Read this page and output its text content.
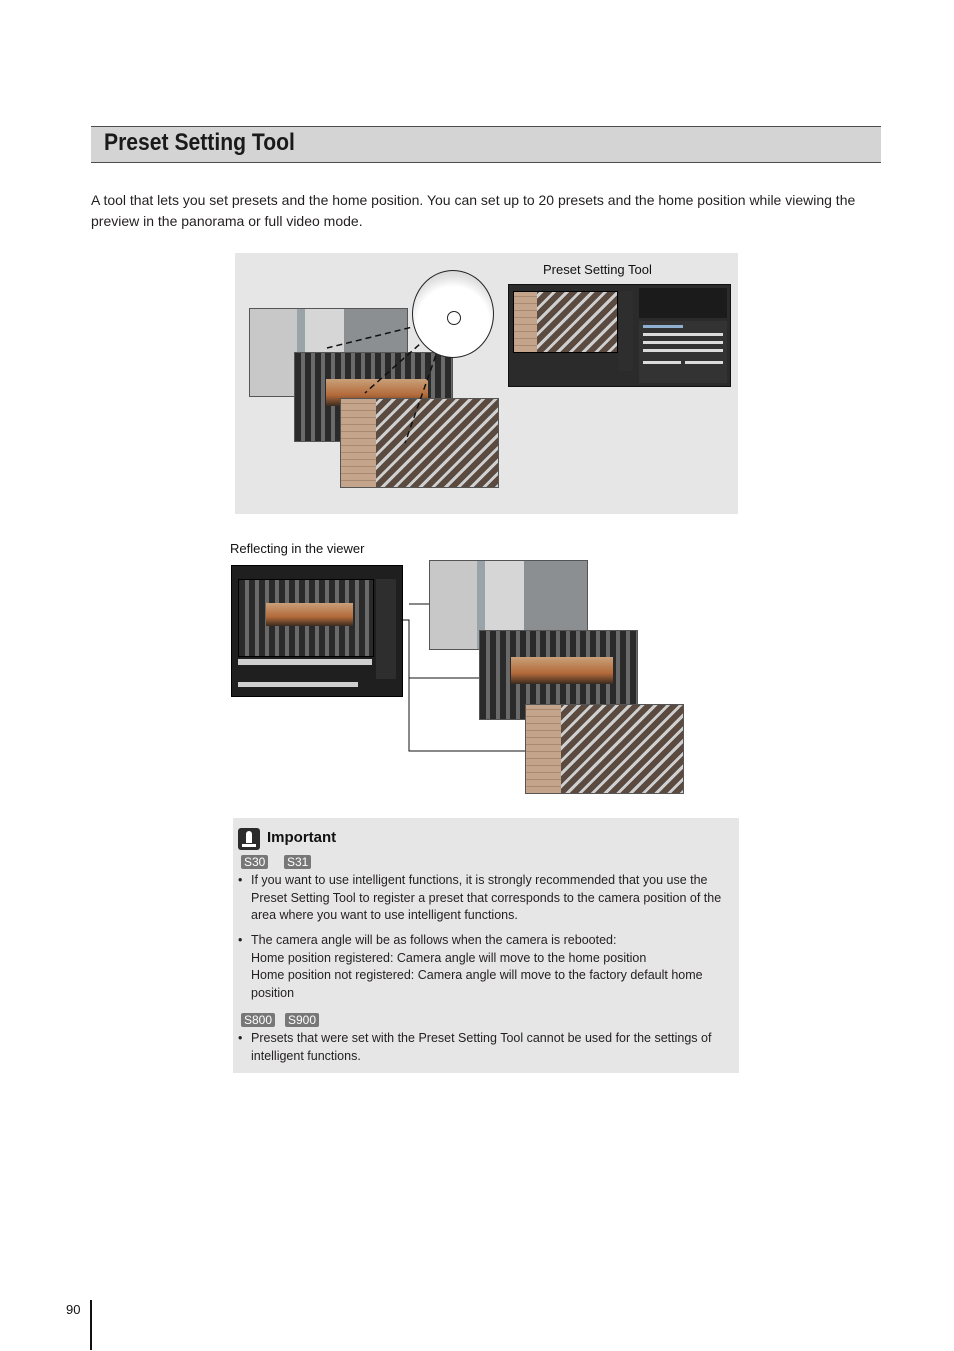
Preset Setting Tool
A tool that lets you set presets and the home position. You can set up to 20 presets and the home position while viewing the preview in the panorama or full video mode.
Preset Setting Tool
Reflecting in the viewer
Important
S30 S31
• If you want to use intelligent functions, it is strongly recommended that you use the Preset Setting Tool to register a preset that corresponds to the camera position of the area where you want to use intelligent functions.
• The camera angle will be as follows when the camera is rebooted:
Home position registered: Camera angle will move to the home position
Home position not registered: Camera angle will move to the factory default home position
S800 S900
• Presets that were set with the Preset Setting Tool cannot be used for the settings of intelligent functions.
90
